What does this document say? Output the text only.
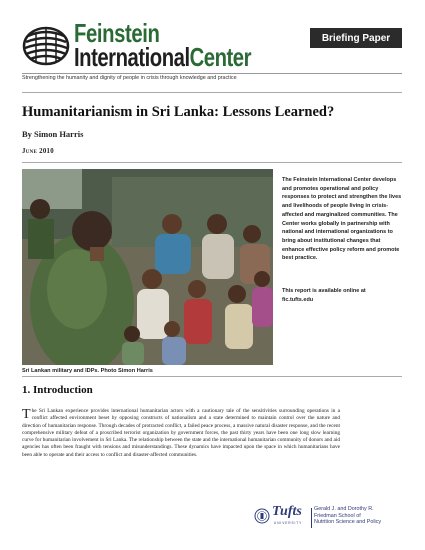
Feinstein
InternationalCenter
Briefing Paper
Strengthening the humanity and dignity of people in crisis through knowledge and practice
Humanitarianism in Sri Lanka: Lessons Learned?
By Simon Harris
June 2010
Sri Lankan military and IDPs. Photo Simon Harris

The Feinstein International Center develops and promotes operational and policy responses to protect and strengthen the lives and livelihoods of people living in crisis-affected and marginalized communities. The Center works globally in partnership with national and international organizations to bring about institutional changes that enhance effective policy reform and promote best practice.

This report is available online at
fic.tufts.edu

1. Introduction

The Sri Lankan experience provides international humanitarian actors with a cautionary tale of the sensitivities surrounding operations in a conflict affected environment beset by opposing constructs of nationalism and a state determined to maintain control over the nature and direction of humanitarian response. Through decades of protracted conflict, a failed peace process, a massive natural disaster response, and the recent comprehensive military defeat of a proscribed terrorist organization by government forces, the past thirty years have been one long slow learning curve for humanitarian involvement in Sri Lanka. The relationship between the state and the international humanitarian community of donors and aid agencies has often been fraught with tensions and misunderstandings. These dynamics have impacted upon the space in which humanitarians have been able to operate and their access to conflict and disaster-affected communities.

Tufts
UNIVERSITY
Gerald J. and Dorothy R.
Friedman School of
Nutrition Science and Policy
